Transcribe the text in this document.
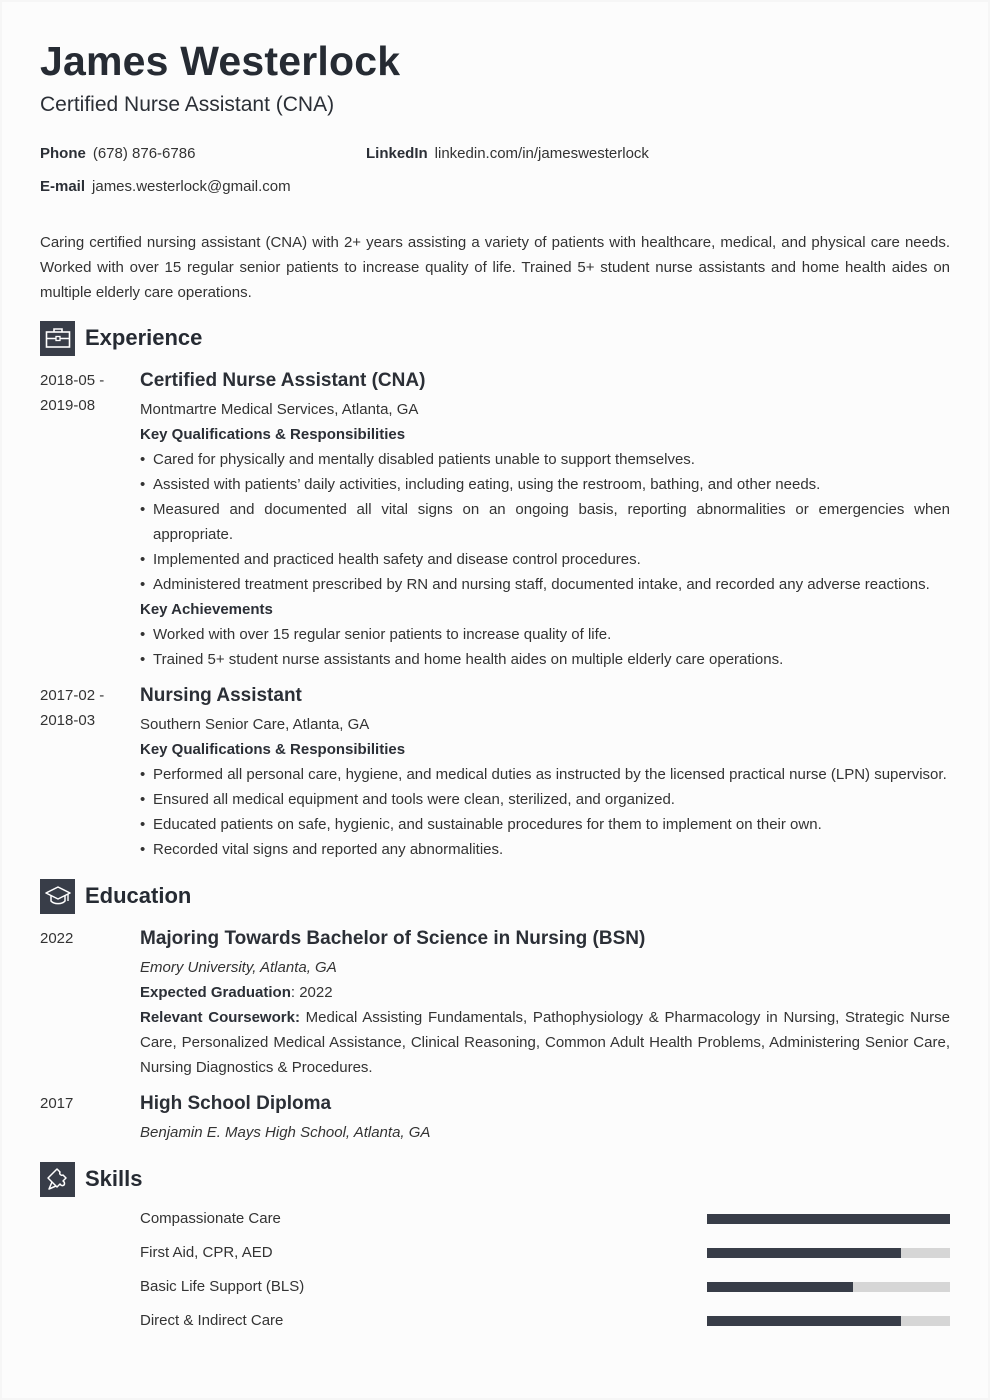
James Westerlock
Certified Nurse Assistant (CNA)
Phone (678) 876-6786	LinkedIn linkedin.com/in/jameswesterlock
E-mail james.westerlock@gmail.com
Caring certified nursing assistant (CNA) with 2+ years assisting a variety of patients with healthcare, medical, and physical care needs. Worked with over 15 regular senior patients to increase quality of life. Trained 5+ student nurse assistants and home health aides on multiple elderly care operations.
Experience
2018-05 -
2019-08
Certified Nurse Assistant (CNA)
Montmartre Medical Services, Atlanta, GA
Key Qualifications & Responsibilities
• Cared for physically and mentally disabled patients unable to support themselves.
• Assisted with patients’ daily activities, including eating, using the restroom, bathing, and other needs.
• Measured and documented all vital signs on an ongoing basis, reporting abnormalities or emergencies when appropriate.
• Implemented and practiced health safety and disease control procedures.
• Administered treatment prescribed by RN and nursing staff, documented intake, and recorded any adverse reactions.
Key Achievements
• Worked with over 15 regular senior patients to increase quality of life.
• Trained 5+ student nurse assistants and home health aides on multiple elderly care operations.
2017-02 -
2018-03
Nursing Assistant
Southern Senior Care, Atlanta, GA
Key Qualifications & Responsibilities
• Performed all personal care, hygiene, and medical duties as instructed by the licensed practical nurse (LPN) supervisor.
• Ensured all medical equipment and tools were clean, sterilized, and organized.
• Educated patients on safe, hygienic, and sustainable procedures for them to implement on their own.
• Recorded vital signs and reported any abnormalities.
Education
2022	Majoring Towards Bachelor of Science in Nursing (BSN)
Emory University, Atlanta, GA
Expected Graduation: 2022
Relevant Coursework: Medical Assisting Fundamentals, Pathophysiology & Pharmacology in Nursing, Strategic Nurse Care, Personalized Medical Assistance, Clinical Reasoning, Common Adult Health Problems, Administering Senior Care, Nursing Diagnostics & Procedures.
2017	High School Diploma
Benjamin E. Mays High School, Atlanta, GA
Skills
Compassionate Care
First Aid, CPR, AED
Basic Life Support (BLS)
Direct & Indirect Care
